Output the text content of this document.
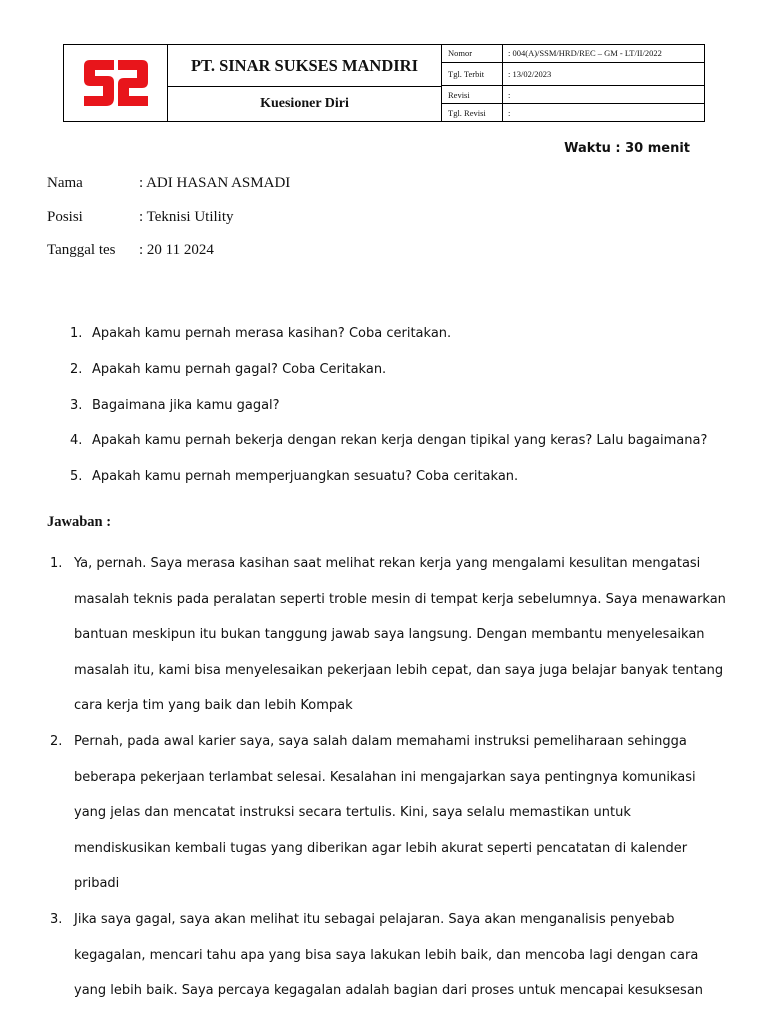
PT. SINAR SUKSES MANDIRI
Kuesioner Diri
Nomor	: 004(A)/SSM/HRD/REC – GM - LT/II/2022
Tgl. Terbit	: 13/02/2023
Revisi	:
Tgl. Revisi	:
Waktu : 30 menit
Nama	: ADI HASAN ASMADI
Posisi	: Teknisi Utility
Tanggal tes	: 20 11 2024
1. Apakah kamu pernah merasa kasihan? Coba ceritakan.
2. Apakah kamu pernah gagal? Coba Ceritakan.
3. Bagaimana jika kamu gagal?
4. Apakah kamu pernah bekerja dengan rekan kerja dengan tipikal yang keras? Lalu bagaimana?
5. Apakah kamu pernah memperjuangkan sesuatu? Coba ceritakan.
Jawaban :
1. Ya, pernah. Saya merasa kasihan saat melihat rekan kerja yang mengalami kesulitan mengatasi masalah teknis pada peralatan seperti troble mesin di tempat kerja sebelumnya. Saya menawarkan bantuan meskipun itu bukan tanggung jawab saya langsung. Dengan membantu menyelesaikan masalah itu, kami bisa menyelesaikan pekerjaan lebih cepat, dan saya juga belajar banyak tentang cara kerja tim yang baik dan lebih Kompak
2. Pernah, pada awal karier saya, saya salah dalam memahami instruksi pemeliharaan sehingga beberapa pekerjaan terlambat selesai. Kesalahan ini mengajarkan saya pentingnya komunikasi yang jelas dan mencatat instruksi secara tertulis. Kini, saya selalu memastikan untuk mendiskusikan kembali tugas yang diberikan agar lebih akurat seperti pencatatan di kalender pribadi
3. Jika saya gagal, saya akan melihat itu sebagai pelajaran. Saya akan menganalisis penyebab kegagalan, mencari tahu apa yang bisa saya lakukan lebih baik, dan mencoba lagi dengan cara yang lebih baik. Saya percaya kegagalan adalah bagian dari proses untuk mencapai kesuksesan
